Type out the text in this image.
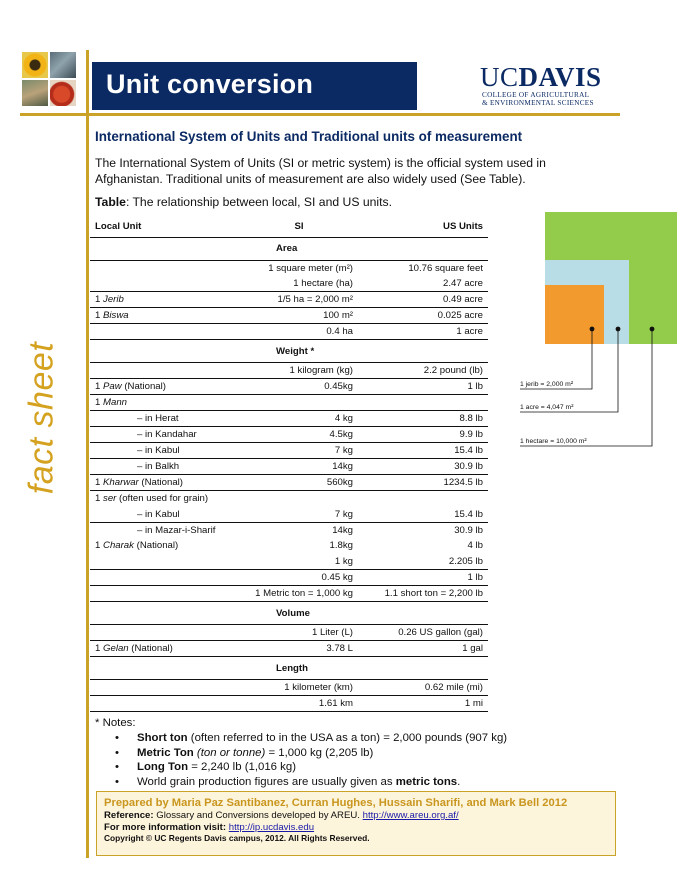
fact sheet
Unit conversion	UCDAVIS
COLLEGE OF AGRICULTURAL
& ENVIRONMENTAL SCIENCES
International System of Units and Traditional units of measurement
The International System of Units (SI or metric system) is the official system used in Afghanistan. Traditional units of measurement are also widely used (See Table).
Table: The relationship between local, SI and US units.
Local Unit	SI	US Units
Area		
	1 square meter (m²)	10.76 square feet
	1 hectare (ha)	2.47 acre
1 Jerib	1/5 ha = 2,000 m²	0.49 acre
1 Biswa	100 m²	0.025 acre
	0.4 ha	1 acre
Weight *		
	1 kilogram (kg)	2.2 pound (lb)
1 Paw (National)	0.45kg	1 lb
1 Mann		
– in Herat	4 kg	8.8 lb
– in Kandahar	4.5kg	9.9 lb
– in Kabul	7 kg	15.4 lb
– in Balkh	14kg	30.9 lb
1 Kharwar (National)	560kg	1234.5 lb
1 ser (often used for grain)		
– in Kabul	7 kg	15.4 lb
– in Mazar-i-Sharif	14kg	30.9 lb
1 Charak (National)	1.8kg	4 lb
	1 kg	2.205 lb
	0.45 kg	1 lb
	1 Metric ton = 1,000 kg	1.1 short ton = 2,200 lb
Volume		
	1 Liter (L)	0.26 US gallon (gal)
1 Gelan (National)	3.78 L	1 gal
Length		
	1 kilometer (km)	0.62 mile (mi)
	1.61 km	1 mi
* Notes:
• Short ton (often referred to in the USA as a ton) = 2,000 pounds (907 kg)
• Metric Ton (ton or tonne) = 1,000 kg (2,205 lb)
• Long Ton = 2,240 lb (1,016 kg)
• World grain production figures are usually given as metric tons.
Prepared by Maria Paz Santibanez, Curran Hughes, Hussain Sharifi, and Mark Bell 2012
Reference: Glossary and Conversions developed by AREU. http://www.areu.org.af/
For more information visit: http://ip.ucdavis.edu
Copyright © UC Regents Davis campus, 2012. All Rights Reserved.
1 jerib = 2,000 m²
1 acre = 4,047 m²
1 hectare = 10,000 m²
